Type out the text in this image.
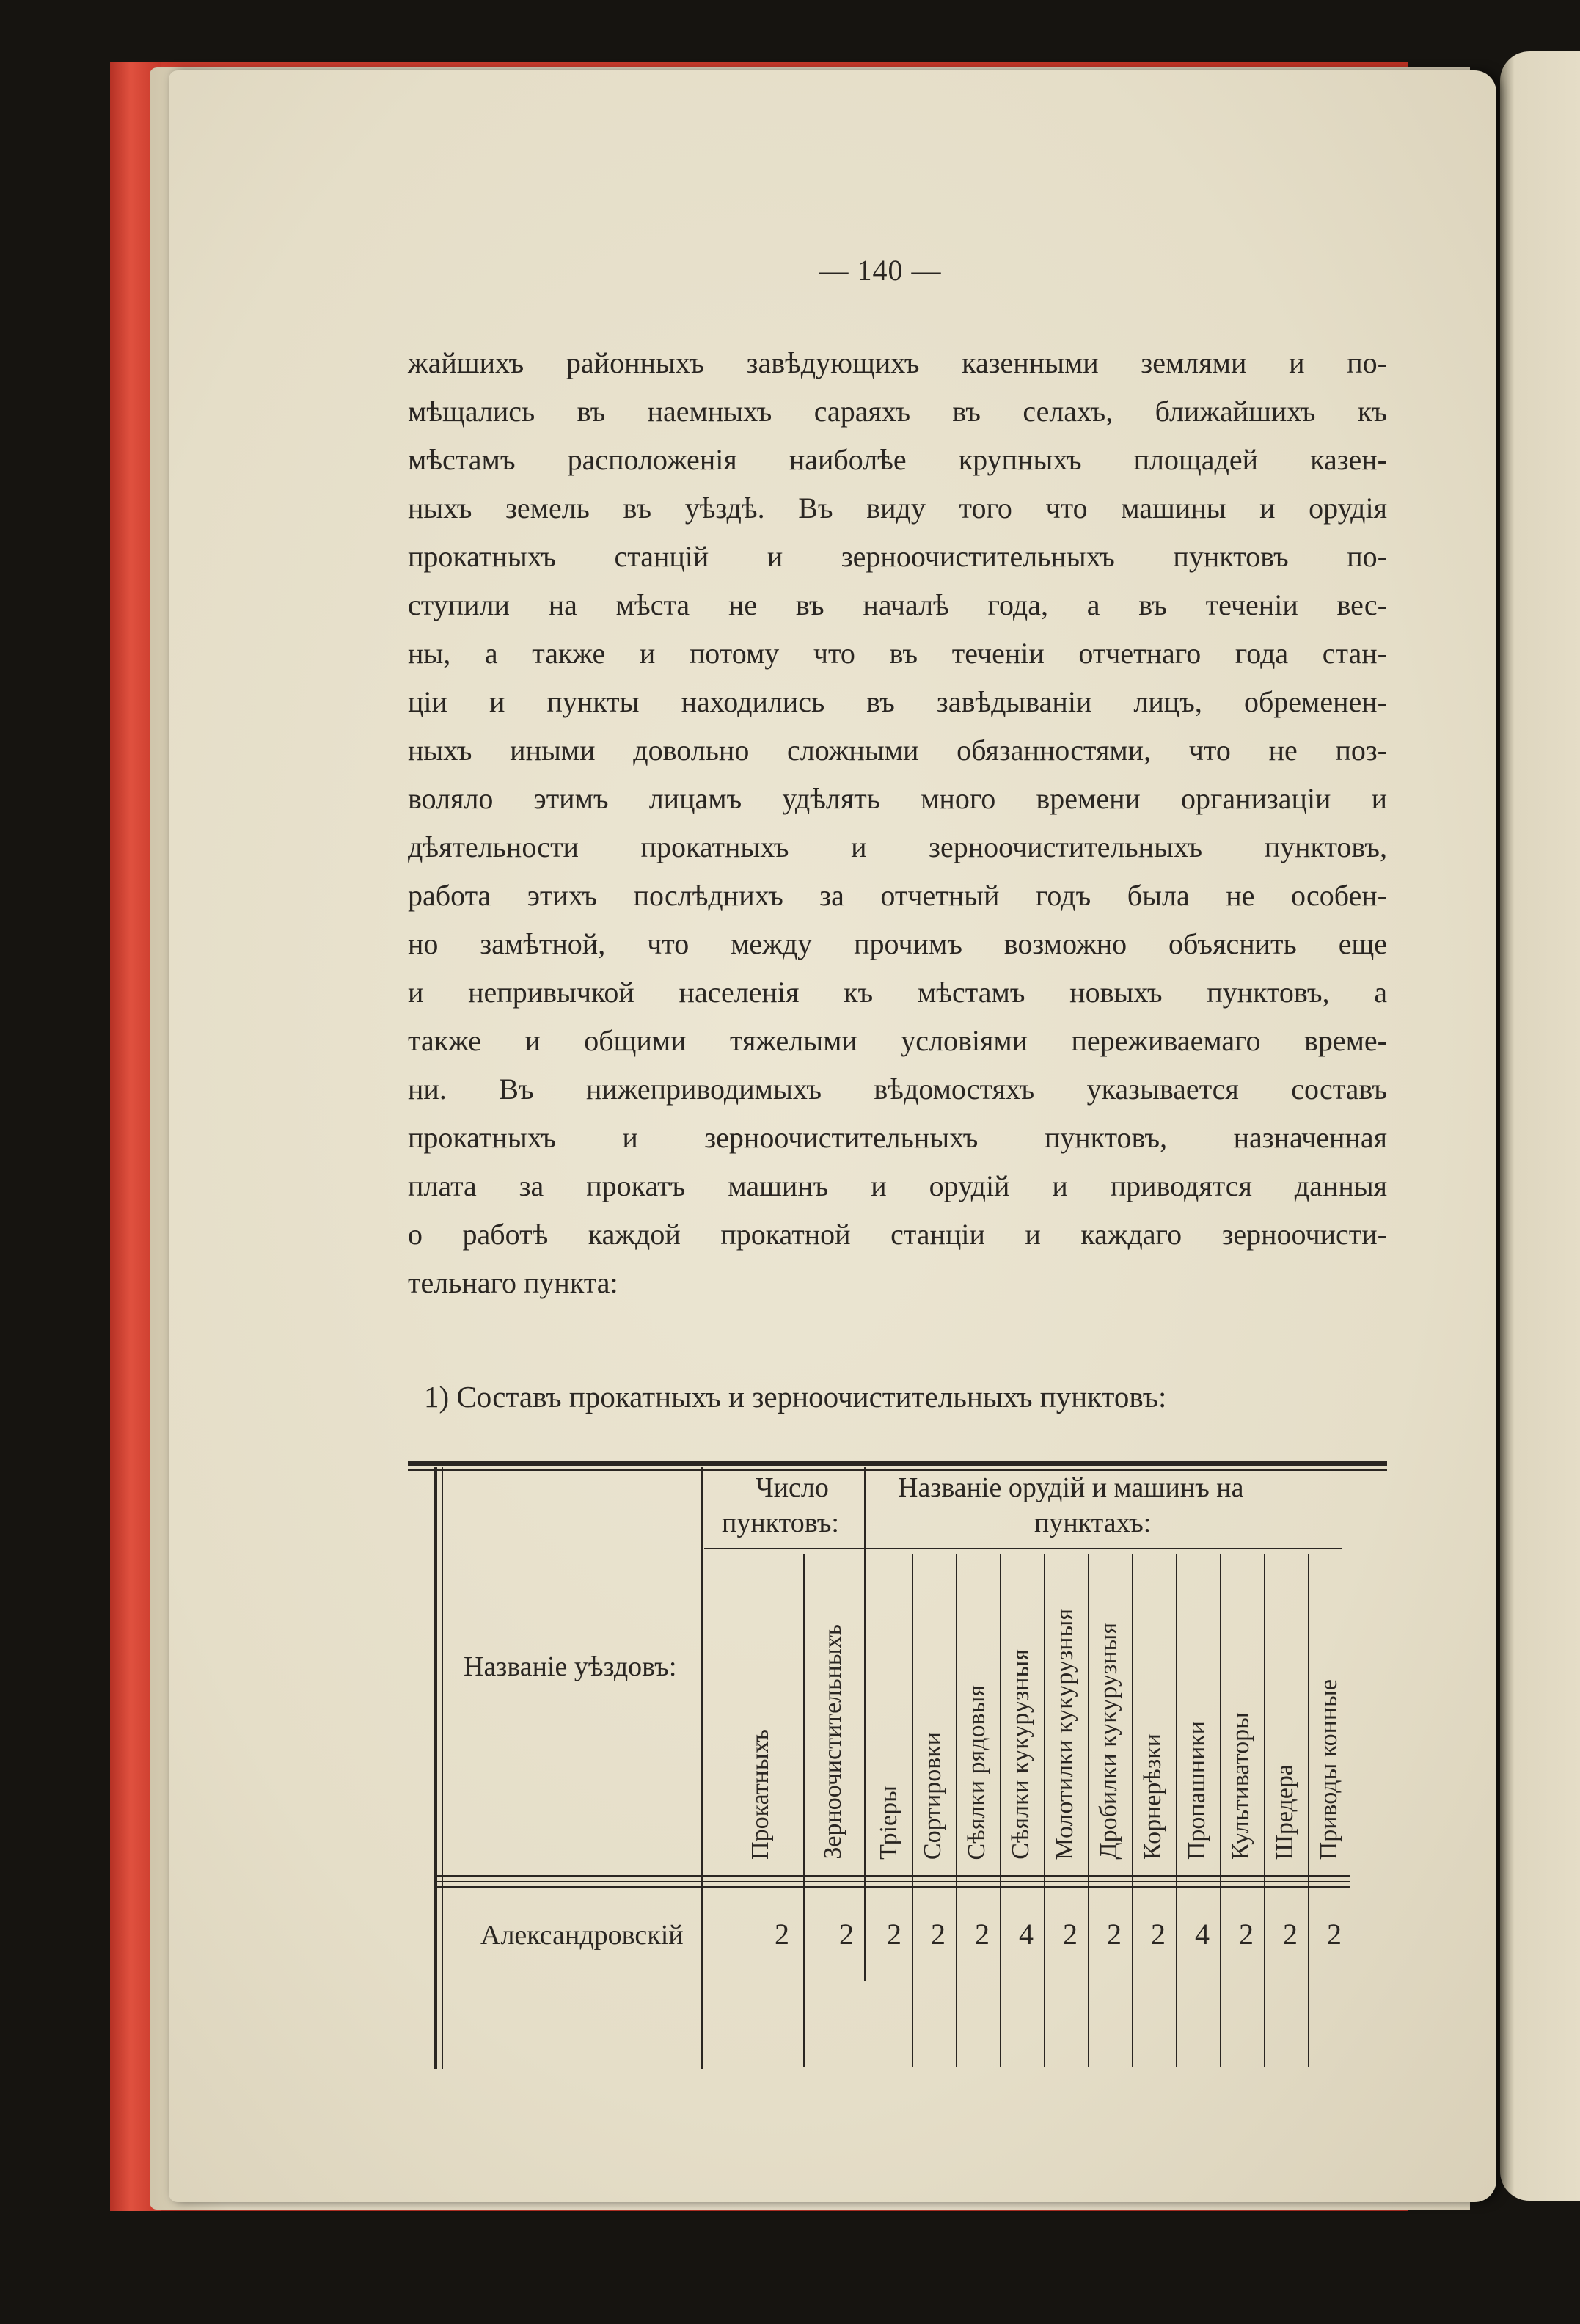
— 140 —
жайшихъ районныхъ завѣдующихъ казенными землями и по-
мѣщались въ наемныхъ сараяхъ въ селахъ, ближайшихъ къ
мѣстамъ расположенія наиболѣе крупныхъ площадей казен-
ныхъ земель въ уѣздѣ. Въ виду того что машины и орудія
прокатныхъ станцій и зерноочистительныхъ пунктовъ по-
ступили на мѣста не въ началѣ года, а въ теченіи вес-
ны, а также и потому что въ теченіи отчетнаго года стан-
ціи и пункты находились въ завѣдываніи лицъ, обременен-
ныхъ иными довольно сложными обязанностями, что не поз-
воляло этимъ лицамъ удѣлять много времени организаціи и
дѣятельности прокатныхъ и зерноочистительныхъ пунктовъ,
работа этихъ послѣднихъ за отчетный годъ была не особен-
но замѣтной, что между прочимъ возможно объяснить еще
и непривычкой населенія къ мѣстамъ новыхъ пунктовъ, а
также и общими тяжелыми условіями переживаемаго време-
ни. Въ нижеприводимыхъ вѣдомостяхъ указывается составъ
прокатныхъ и зерноочистительныхъ пунктовъ, назначенная
плата за прокатъ машинъ и орудій и приводятся данныя
о работѣ каждой прокатной станціи и каждаго зерноочисти-
тельнаго пункта:
1) Составъ прокатныхъ и зерноочистительныхъ пунктовъ:
Названіе уѣздовъ:
Число
пунктовъ:
Названіе орудій и машинъ на
пунктахъ:
Прокатныхъ Зерноочистительныхъ Тріеры Сортировки Сѣялки рядовыя Сѣялки кукурузныя Молотилки кукурузныя Дробилки кукурузныя Корнерѣзки Пропашники Культиваторы Шредера Приводы конные
Александровскій	2 2 2 2 2 4 2 2 2 4 2 2 2
